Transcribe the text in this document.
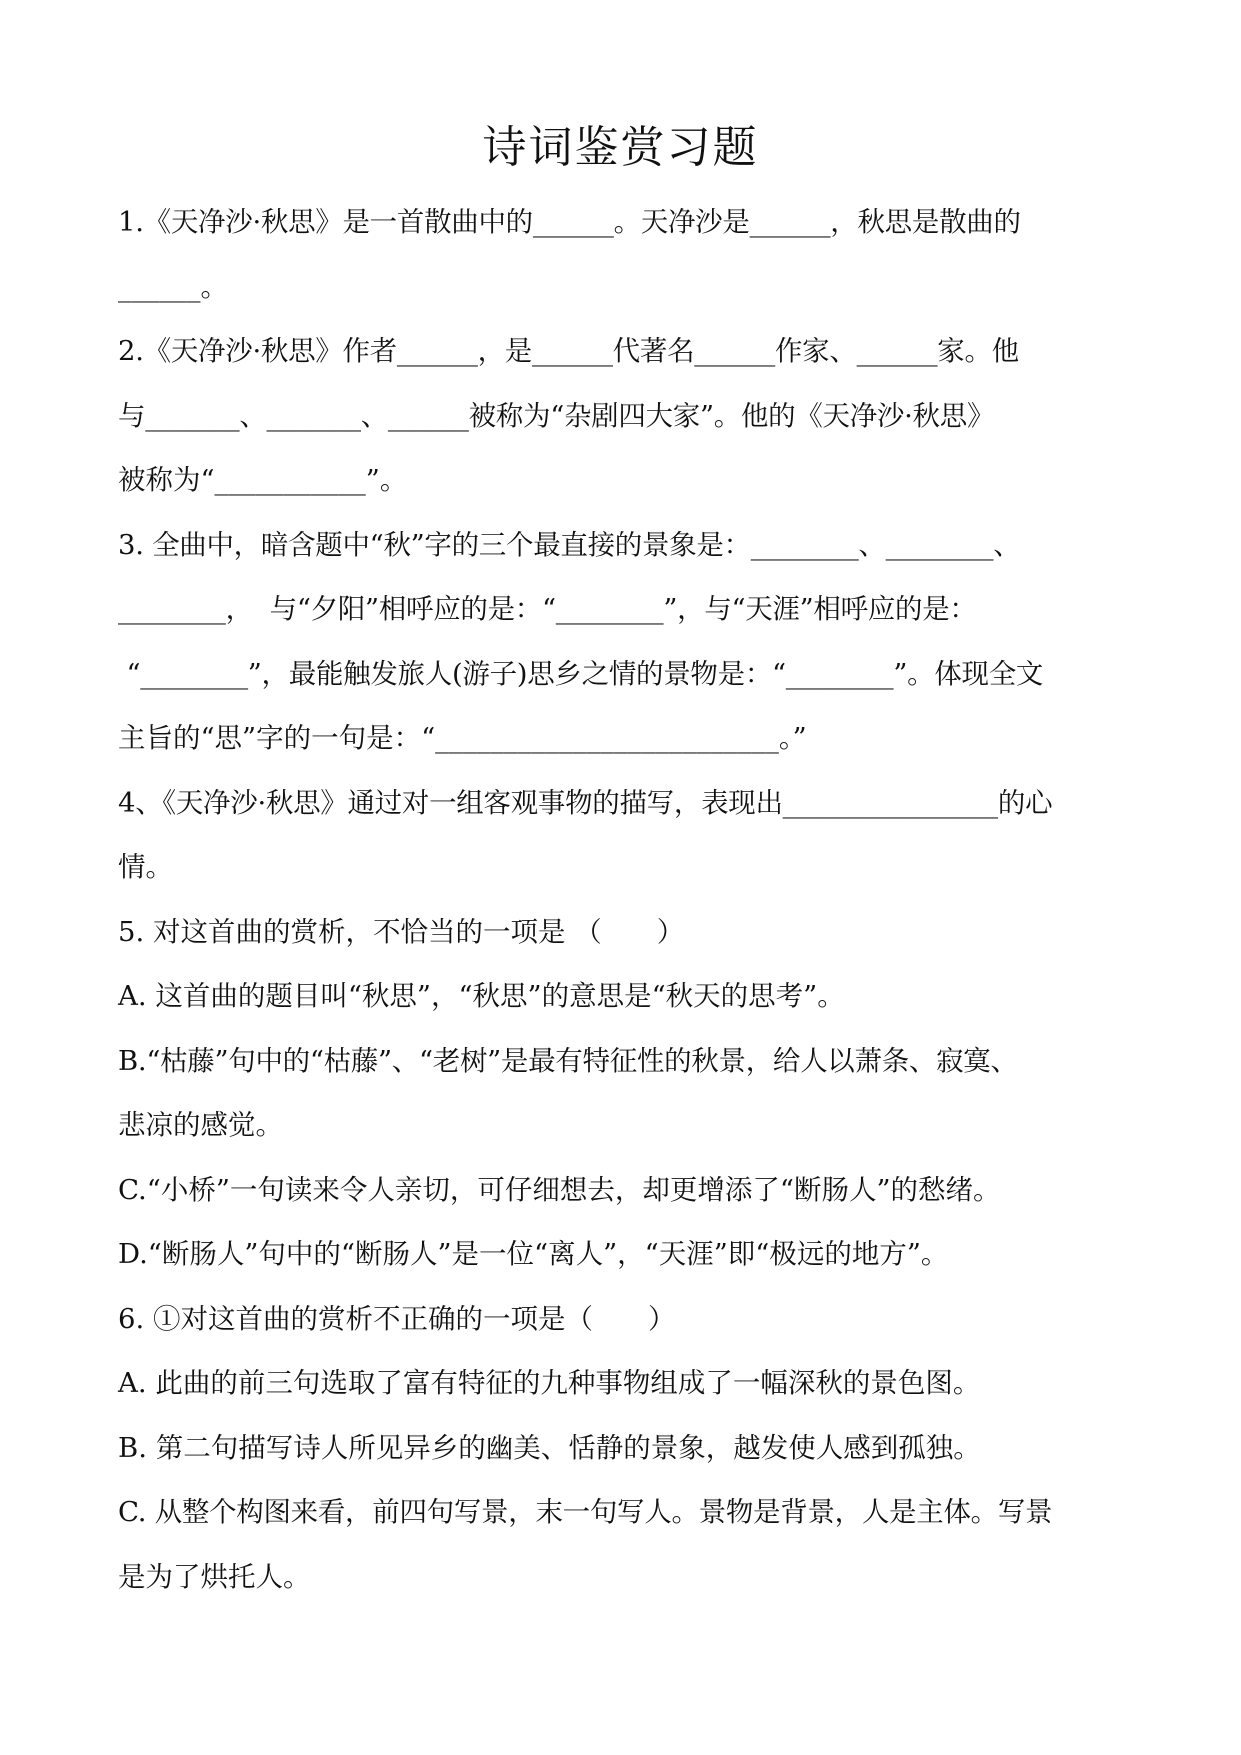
诗词鉴赏习题
1.《天净沙·秋思》是一首散曲中的______。天净沙是______，秋思是散曲的
______。
2.《天净沙·秋思》作者______，是______代著名______作家、______家。他
与_______、_______、______被称为“杂剧四大家”。他的《天净沙·秋思》
被称为“___________”。
3. 全曲中，暗含题中“秋”字的三个最直接的景象是：________、________、
________，  与“夕阳”相呼应的是：“________”，与“天涯”相呼应的是：
“________”，最能触发旅人(游子)思乡之情的景物是：“________”。体现全文
主旨的“思”字的一句是：“_________________________。”
4、《天净沙·秋思》通过对一组客观事物的描写，表现出________________的心
情。
5. 对这首曲的赏析，不恰当的一项是 （　　）
A. 这首曲的题目叫“秋思”，“秋思”的意思是“秋天的思考”。
B.“枯藤”句中的“枯藤”、“老树”是最有特征性的秋景，给人以萧条、寂寞、
悲凉的感觉。
C.“小桥”一句读来令人亲切，可仔细想去，却更增添了“断肠人”的愁绪。
D.“断肠人”句中的“断肠人”是一位“离人”，“天涯”即“极远的地方”。
6. ①对这首曲的赏析不正确的一项是（　　）
A. 此曲的前三句选取了富有特征的九种事物组成了一幅深秋的景色图。
B. 第二句描写诗人所见异乡的幽美、恬静的景象，越发使人感到孤独。
C. 从整个构图来看，前四句写景，末一句写人。景物是背景，人是主体。写景
是为了烘托人。
